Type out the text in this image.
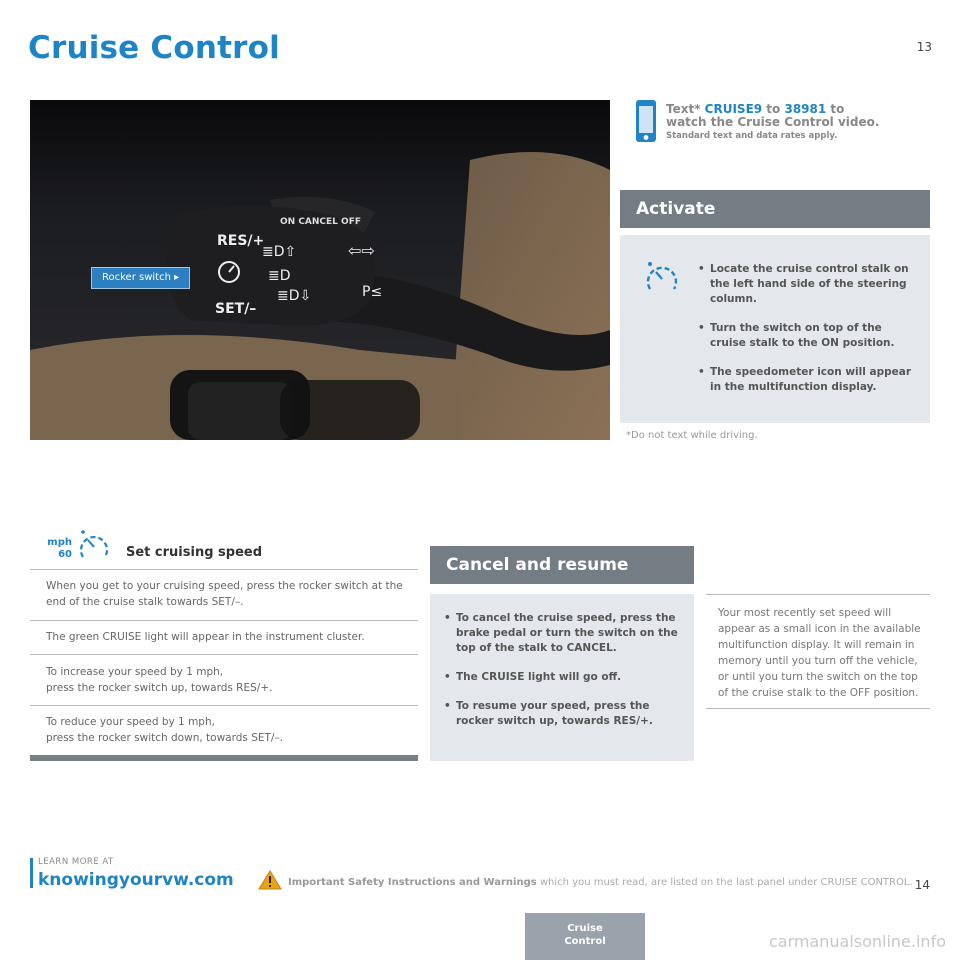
Cruise Control	13
ON CANCEL OFF
RES/+
SET/–
≣D⇧
≣D
≣D⇩
⇦⇨
P≤
Rocker switch ▸
Text* CRUISE9 to 38981 to
watch the Cruise Control video.
Standard text and data rates apply.
Activate
• Locate the cruise control stalk on the left hand side of the steering column.
• Turn the switch on top of the cruise stalk to the ON position.
• The speedometer icon will appear in the multifunction display.
*Do not text while driving.
mph
60	Set cruising speed
When you get to your cruising speed, press the rocker switch at the end of the cruise stalk towards SET/–.
The green CRUISE light will appear in the instrument cluster.
To increase your speed by 1 mph,
press the rocker switch up, towards RES/+.
To reduce your speed by 1 mph,
press the rocker switch down, towards SET/–.
Cancel and resume
• To cancel the cruise speed, press the brake pedal or turn the switch on the top of the stalk to CANCEL.
• The CRUISE light will go off.
• To resume your speed, press the rocker switch up, towards RES/+.
Your most recently set speed will appear as a small icon in the available multifunction display. It will remain in memory until you turn off the vehicle, or until you turn the switch on the top of the cruise stalk to the OFF position.
LEARN MORE AT
knowingyourvw.com	Important Safety Instructions and Warnings which you must read, are listed on the last panel under CRUISE CONTROL. 14
Cruise
Control	carmanualsonline.info
